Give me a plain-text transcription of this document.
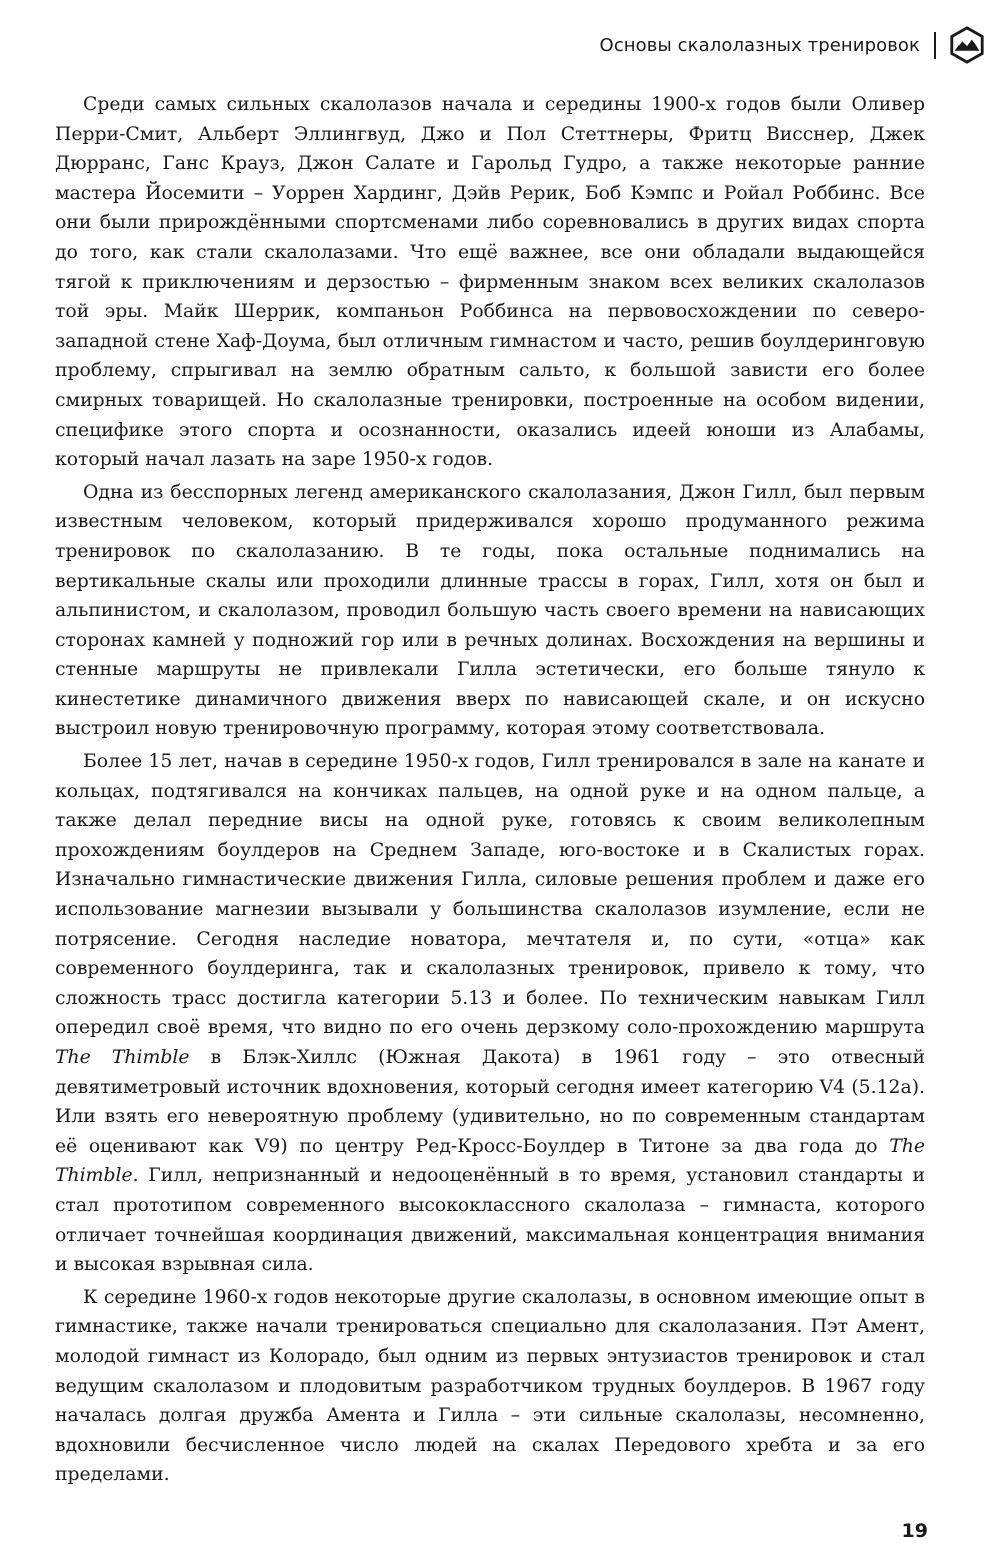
Основы скалолазных тренировок

Среди самых сильных скалолазов начала и середины 1900-х годов были Оливер Перри-Смит, Альберт Эллингвуд, Джо и Пол Стеттнеры, Фритц Висснер, Джек Дюрранс, Ганс Крауз, Джон Салате и Гарольд Гудро, а также некоторые ранние мастера Йосемити – Уоррен Хардинг, Дэйв Рерик, Боб Кэмпс и Ройал Роббинс. Все они были прирождёнными спортсменами либо соревновались в других видах спорта до того, как стали скалолазами. Что ещё важнее, все они обладали выдающейся тягой к приключениям и дерзостью – фирменным знаком всех великих скалолазов той эры. Майк Шеррик, компаньон Роббинса на первовосхождении по северо-западной стене Хаф-Доума, был отличным гимнастом и часто, решив боулдеринговую проблему, спрыгивал на землю обратным сальто, к большой зависти его более смирных товарищей. Но скалолазные тренировки, построенные на особом видении, специфике этого спорта и осознанности, оказались идеей юноши из Алабамы, который начал лазать на заре 1950-х годов.

Одна из бесспорных легенд американского скалолазания, Джон Гилл, был первым известным человеком, который придерживался хорошо продуманного режима тренировок по скалолазанию. В те годы, пока остальные поднимались на вертикальные скалы или проходили длинные трассы в горах, Гилл, хотя он был и альпинистом, и скалолазом, проводил большую часть своего времени на нависающих сторонах камней у подножий гор или в речных долинах. Восхождения на вершины и стенные маршруты не привлекали Гилла эстетически, его больше тянуло к кинестетике динамичного движения вверх по нависающей скале, и он искусно выстроил новую тренировочную программу, которая этому соответствовала.

Более 15 лет, начав в середине 1950-х годов, Гилл тренировался в зале на канате и кольцах, подтягивался на кончиках пальцев, на одной руке и на одном пальце, а также делал передние висы на одной руке, готовясь к своим великолепным прохождениям боулдеров на Среднем Западе, юго-востоке и в Скалистых горах. Изначально гимнастические движения Гилла, силовые решения проблем и даже его использование магнезии вызывали у большинства скалолазов изумление, если не потрясение. Сегодня наследие новатора, мечтателя и, по сути, «отца» как современного боулдеринга, так и скалолазных тренировок, привело к тому, что сложность трасс достигла категории 5.13 и более. По техническим навыкам Гилл опередил своё время, что видно по его очень дерзкому соло-прохождению маршрута The Thimble в Блэк-Хиллс (Южная Дакота) в 1961 году – это отвесный девятиметровый источник вдохновения, который сегодня имеет категорию V4 (5.12a). Или взять его невероятную проблему (удивительно, но по современным стандартам её оценивают как V9) по центру Ред-Кросс-Боулдер в Титоне за два года до The Thimble. Гилл, непризнанный и недооценённый в то время, установил стандарты и стал прототипом современного высококлассного скалолаза – гимнаста, которого отличает точнейшая координация движений, максимальная концентрация внимания и высокая взрывная сила.

К середине 1960-х годов некоторые другие скалолазы, в основном имеющие опыт в гимнастике, также начали тренироваться специально для скалолазания. Пэт Амент, молодой гимнаст из Колорадо, был одним из первых энтузиастов тренировок и стал ведущим скалолазом и плодовитым разработчиком трудных боулдеров. В 1967 году началась долгая дружба Амента и Гилла – эти сильные скалолазы, несомненно, вдохновили бесчисленное число людей на скалах Передового хребта и за его пределами.

19
